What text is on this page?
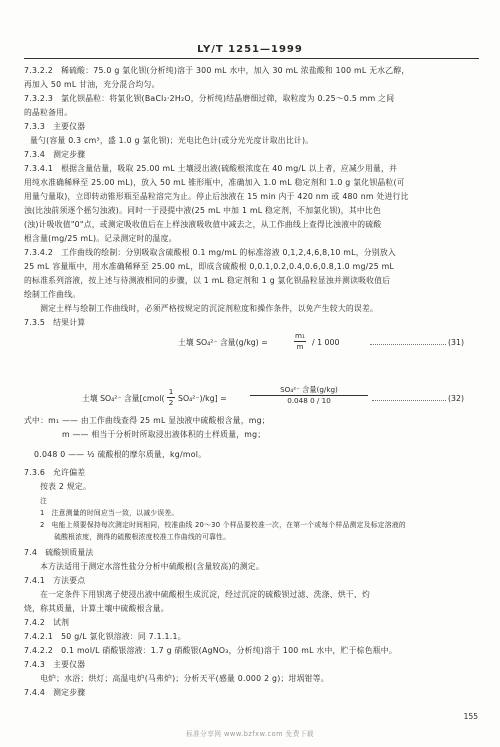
LY/T 1251—1999
7.3.2.2　稀硫酸：75.0 g 氯化钡(分析纯)溶于 300 mL 水中，加入 30 mL 浓盐酸和 100 mL 无水乙醇，
再加入 50 mL 甘油，充分混合均匀。
7.3.2.3　氯化钡晶粒：将氯化钡(BaCl₂·2H₂O，分析纯)结晶磨细过筛，取粒度为 0.25～0.5 mm 之间
的晶粒备用。
7.3.3　主要仪器
量勺(容量 0.3 cm³，盛 1.0 g 氯化钡)；光电比色计(或分光光度计取出比计)。
7.3.4　测定步骤
7.3.4.1　根据含量估量，吸取 25.00 mL 土壤浸出液(硫酸根浓度在 40 mg/L 以上者，应减少用量，并
用纯水准确稀释至 25.00 mL)，放入 50 mL 锥形瓶中，准确加入 1.0 mL 稳定剂和 1.0 g 氯化钡晶粒(可
用量勺量取)，立即转动锥形瓶至晶粒溶完为止。停止后浊液在 15 min 内于 420 nm 或 480 nm 处进行比
浊(比浊前须逐个摇匀浊液)。同时一于浸提中液(25 mL 中加 1 mL 稳定剂，不加氯化钡)，其中比色
(浊)计吸收值"0"点，或测定吸收值后在上样浊液吸收值中减去之，从工作曲线上查得比浊液中的硫酸
根含量(mg/25 mL)。记录测定时的温度。
7.3.4.2　工作曲线的绘制：分别吸取含硫酸根 0.1 mg/mL 的标准溶液 0,1,2,4,6,8,10 mL，分别放入
25 mL 容量瓶中，用水准确稀释至 25.00 mL，即成含硫酸根 0,0.1,0.2,0.4,0.6,0.8,1.0 mg/25 mL
的标准系列溶液，按上述与待测液相同的步骤，以 1 mL 稳定剂和 1 g 氯化钡晶粒显浊并测读吸收值后
绘制工作曲线。
　　测定土样与绘制工作曲线时，必须严格按规定的沉淀剂粒度和操作条件，以免产生较大的误差。
7.3.5　结果计算
土壤 SO₄²⁻ 含量(g/kg) =
m₁
m	/ 1 000	(31)
土壤 SO₄²⁻ 含量[cmol(
1
2 SO₄²⁻)/kg] =
SO₄²⁻ 含量(g/kg)
0.048 0 / 10	(32)
式中：m₁ —— 由工作曲线查得 25 mL 显浊液中硫酸根含量，mg；
m —— 相当于分析时所取浸出液体积的土样质量，mg；
0.048 0 —— ½ 硫酸根的摩尔质量，kg/mol。
7.3.6　允许偏差
　　按表 2 规定。
注
1　注意测量的时间应当一致，以减少误差。
2　电能上须要保持每次测定时间相同，校准曲线 20～30 个样品要校准一次，在第一个或每个样品测定及标定溶液的
　　硫酸根浓度，测得的硫酸根浓度校准工作曲线的可靠性。
7.4　硫酸钡质量法
　　本方法适用于测定水溶性盐分分析中硫酸根(含量较高)的测定。
7.4.1　方法要点
　　在一定条件下用钡离子使浸出液中硫酸根生成沉淀，经过沉淀的硫酸钡过滤、洗涤、烘干、灼
烧，称其质量，计算土壤中硫酸根含量。
7.4.2　试剂
7.4.2.1　50 g/L 氯化钡溶液：同 7.1.1.1。
7.4.2.2　0.1 mol/L 硝酸银溶液：1.7 g 硝酸银(AgNO₃，分析纯)溶于 100 mL 水中，贮于棕色瓶中。
7.4.3　主要仪器
　　电炉；水浴；烘灯；高温电炉(马弗炉)；分析天平(感量 0.000 2 g)；坩埚钳等。
7.4.4　测定步骤
155
标准分享网 www.bzfxw.com 免费下载
